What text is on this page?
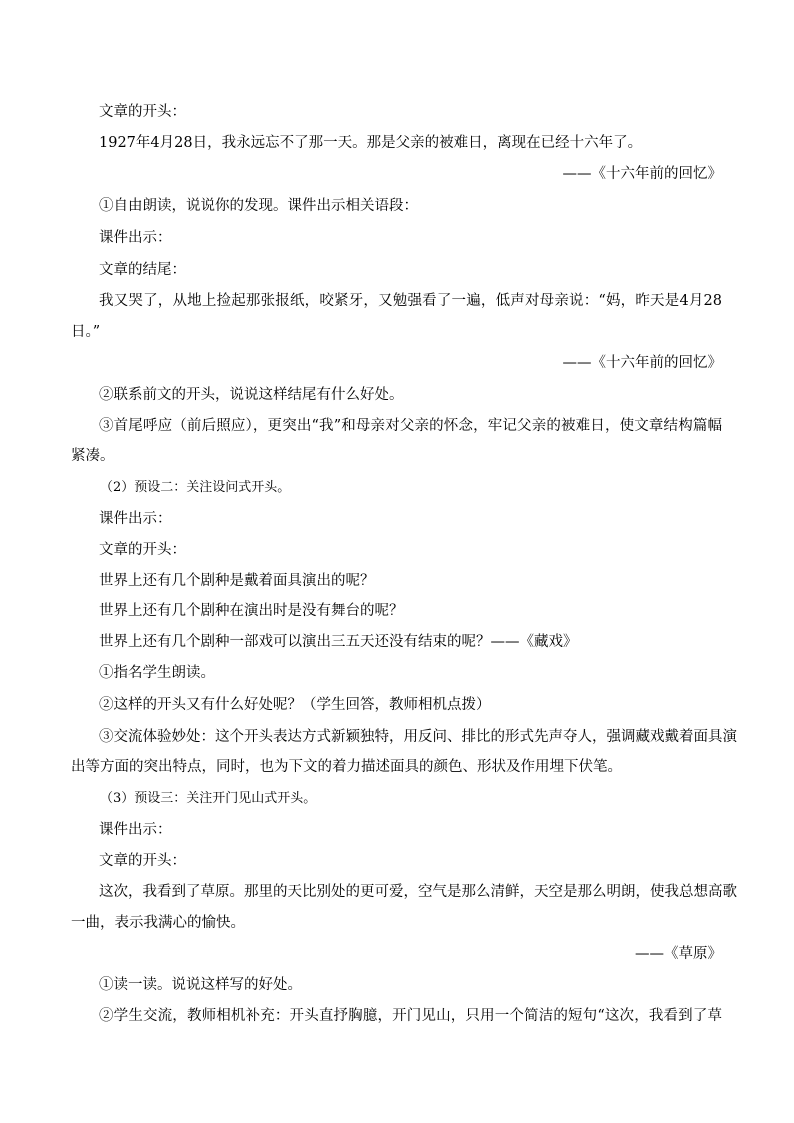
文章的开头：
1927年4月28日，我永远忘不了那一天。那是父亲的被难日，离现在已经十六年了。
——《十六年前的回忆》
①自由朗读，说说你的发现。课件出示相关语段：
课件出示：
文章的结尾：
我又哭了，从地上捡起那张报纸，咬紧牙，又勉强看了一遍，低声对母亲说：“妈，昨天是4月28
日。”
——《十六年前的回忆》
②联系前文的开头，说说这样结尾有什么好处。
③首尾呼应（前后照应），更突出“我”和母亲对父亲的怀念，牢记父亲的被难日，使文章结构篇幅
紧凑。
（2）预设二：关注设问式开头。
课件出示：
文章的开头：
世界上还有几个剧种是戴着面具演出的呢？
世界上还有几个剧种在演出时是没有舞台的呢？
世界上还有几个剧种一部戏可以演出三五天还没有结束的呢？——《藏戏》
①指名学生朗读。
②这样的开头又有什么好处呢？（学生回答，教师相机点拨）
③交流体验妙处：这个开头表达方式新颖独特，用反问、排比的形式先声夺人，强调藏戏戴着面具演
出等方面的突出特点，同时，也为下文的着力描述面具的颜色、形状及作用埋下伏笔。
（3）预设三：关注开门见山式开头。
课件出示：
文章的开头：
这次，我看到了草原。那里的天比别处的更可爱，空气是那么清鲜，天空是那么明朗，使我总想高歌
一曲，表示我满心的愉快。
——《草原》
①读一读。说说这样写的好处。
②学生交流，教师相机补充：开头直抒胸臆，开门见山，只用一个简洁的短句“这次，我看到了草
